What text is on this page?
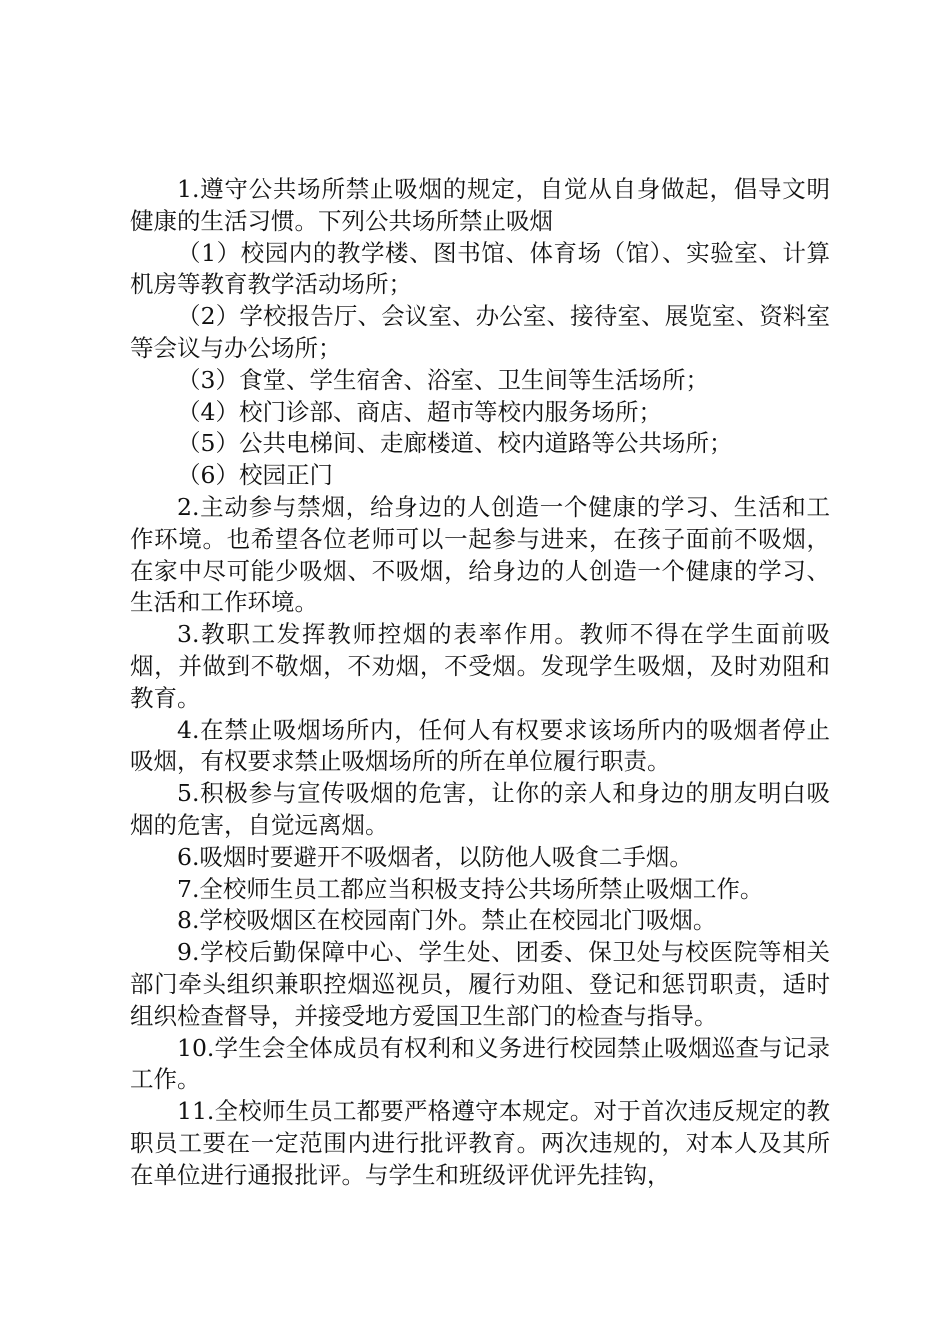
1.遵守公共场所禁止吸烟的规定，自觉从自身做起，倡导文明健康的生活习惯。下列公共场所禁止吸烟

（1）校园内的教学楼、图书馆、体育场（馆）、实验室、计算机房等教育教学活动场所；

（2）学校报告厅、会议室、办公室、接待室、展览室、资料室等会议与办公场所；

（3）食堂、学生宿舍、浴室、卫生间等生活场所；

（4）校门诊部、商店、超市等校内服务场所；

（5）公共电梯间、走廊楼道、校内道路等公共场所；

（6）校园正门

2.主动参与禁烟，给身边的人创造一个健康的学习、生活和工作环境。也希望各位老师可以一起参与进来，在孩子面前不吸烟，在家中尽可能少吸烟、不吸烟，给身边的人创造一个健康的学习、生活和工作环境。

3.教职工发挥教师控烟的表率作用。教师不得在学生面前吸烟，并做到不敬烟，不劝烟，不受烟。发现学生吸烟，及时劝阻和教育。

4.在禁止吸烟场所内，任何人有权要求该场所内的吸烟者停止吸烟，有权要求禁止吸烟场所的所在单位履行职责。

5.积极参与宣传吸烟的危害，让你的亲人和身边的朋友明白吸烟的危害，自觉远离烟。

6.吸烟时要避开不吸烟者，以防他人吸食二手烟。

7.全校师生员工都应当积极支持公共场所禁止吸烟工作。

8.学校吸烟区在校园南门外。禁止在校园北门吸烟。

9.学校后勤保障中心、学生处、团委、保卫处与校医院等相关部门牵头组织兼职控烟巡视员，履行劝阻、登记和惩罚职责，适时组织检查督导，并接受地方爱国卫生部门的检查与指导。

10.学生会全体成员有权利和义务进行校园禁止吸烟巡查与记录工作。

11.全校师生员工都要严格遵守本规定。对于首次违反规定的教职员工要在一定范围内进行批评教育。两次违规的，对本人及其所在单位进行通报批评。与学生和班级评优评先挂钩，
